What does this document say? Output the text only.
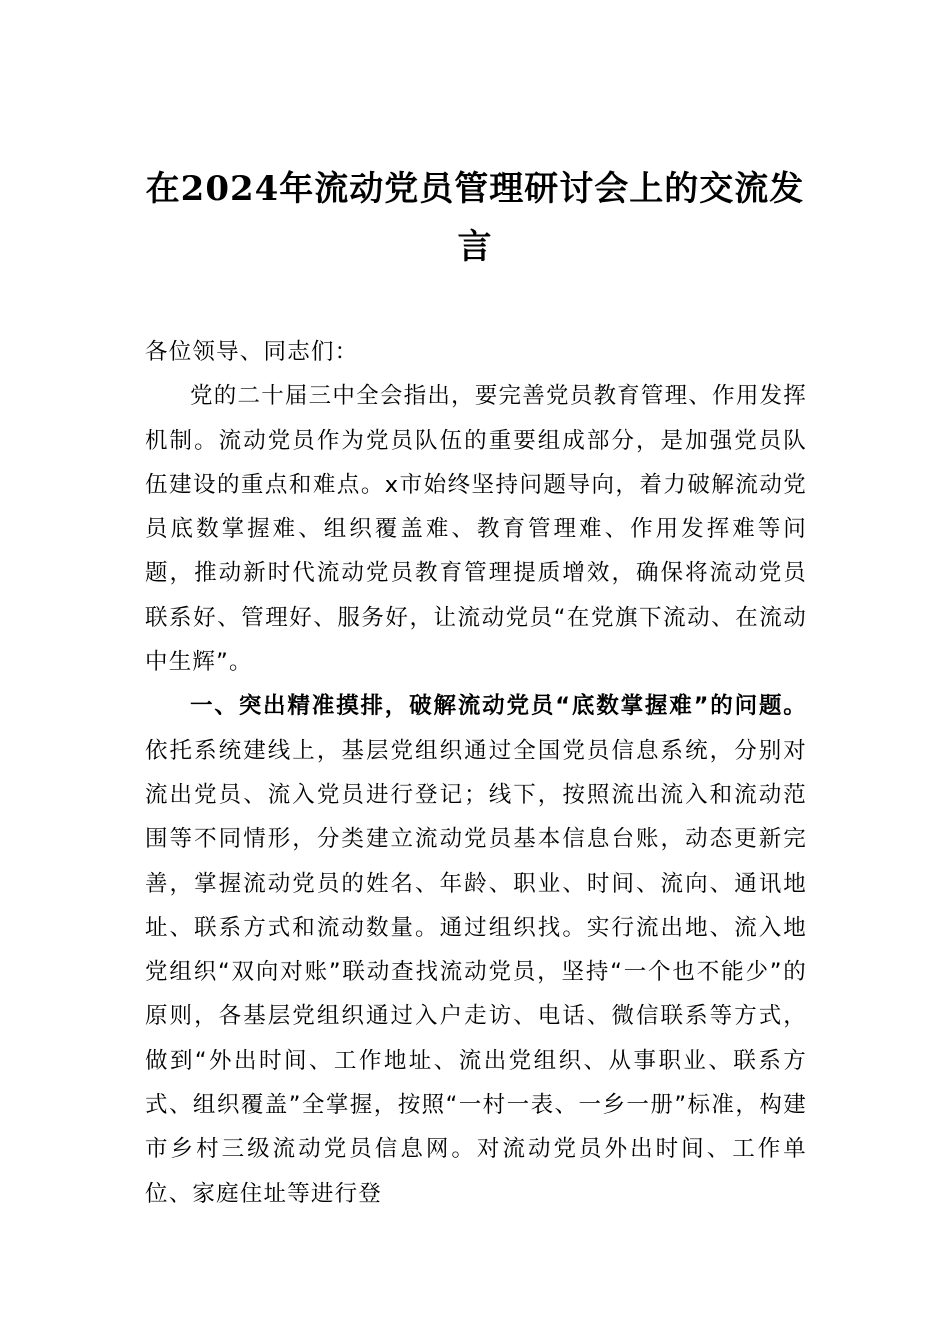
在2024年流动党员管理研讨会上的交流发言

各位领导、同志们：

党的二十届三中全会指出，要完善党员教育管理、作用发挥机制。流动党员作为党员队伍的重要组成部分，是加强党员队伍建设的重点和难点。x市始终坚持问题导向，着力破解流动党员底数掌握难、组织覆盖难、教育管理难、作用发挥难等问题，推动新时代流动党员教育管理提质增效，确保将流动党员联系好、管理好、服务好，让流动党员“在党旗下流动、在流动中生辉”。

一、突出精准摸排，破解流动党员“底数掌握难”的问题。依托系统建线上，基层党组织通过全国党员信息系统，分别对流出党员、流入党员进行登记；线下，按照流出流入和流动范围等不同情形，分类建立流动党员基本信息台账，动态更新完善，掌握流动党员的姓名、年龄、职业、时间、流向、通讯地址、联系方式和流动数量。通过组织找。实行流出地、流入地党组织“双向对账”联动查找流动党员，坚持“一个也不能少”的原则，各基层党组织通过入户走访、电话、微信联系等方式，做到“外出时间、工作地址、流出党组织、从事职业、联系方式、组织覆盖”全掌握，按照“一村一表、一乡一册”标准，构建市乡村三级流动党员信息网。对流动党员外出时间、工作单位、家庭住址等进行登
